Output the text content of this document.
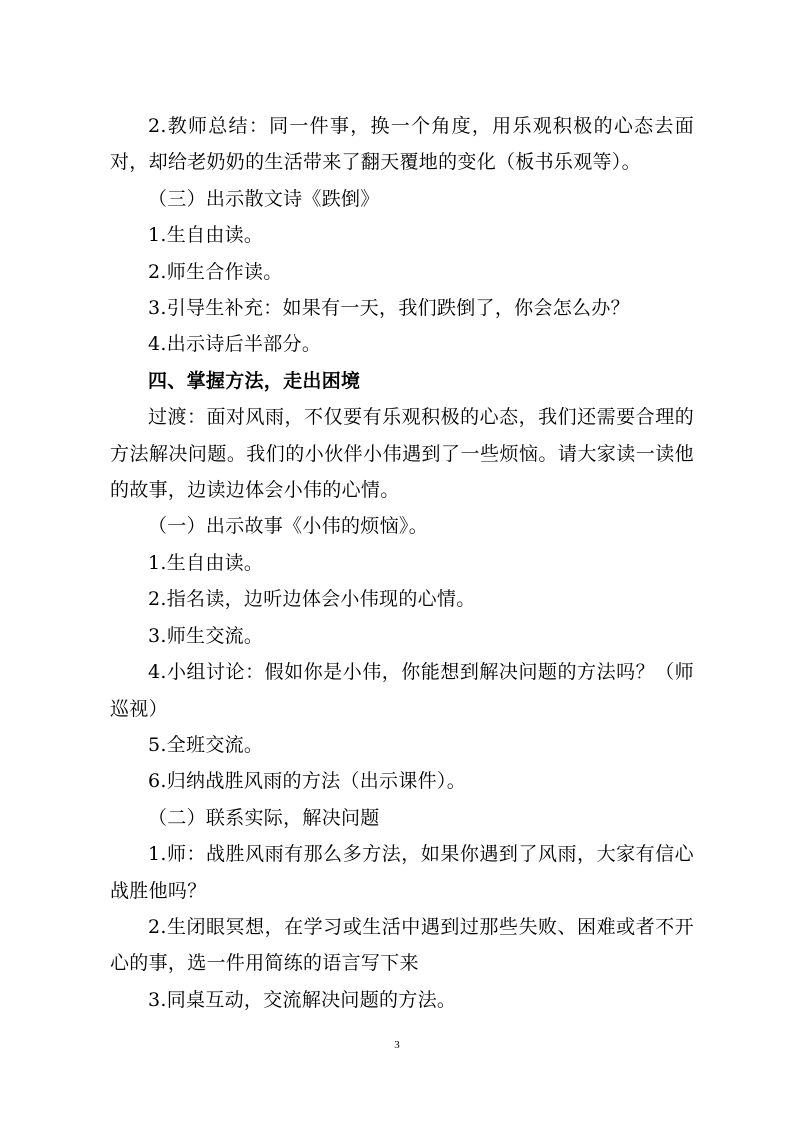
2.教师总结：同一件事，换一个角度，用乐观积极的心态去面对，却给老奶奶的生活带来了翻天覆地的变化（板书乐观等）。

（三）出示散文诗《跌倒》

1.生自由读。

2.师生合作读。

3.引导生补充：如果有一天，我们跌倒了，你会怎么办？

4.出示诗后半部分。

四、掌握方法，走出困境

过渡：面对风雨，不仅要有乐观积极的心态，我们还需要合理的方法解决问题。我们的小伙伴小伟遇到了一些烦恼。请大家读一读他的故事，边读边体会小伟的心情。

（一）出示故事《小伟的烦恼》。

1.生自由读。

2.指名读，边听边体会小伟现的心情。

3.师生交流。

4.小组讨论：假如你是小伟，你能想到解决问题的方法吗？（师巡视）

5.全班交流。

6.归纳战胜风雨的方法（出示课件）。

（二）联系实际，解决问题

1.师：战胜风雨有那么多方法，如果你遇到了风雨，大家有信心战胜他吗？

2.生闭眼冥想，在学习或生活中遇到过那些失败、困难或者不开心的事，选一件用简练的语言写下来

3.同桌互动，交流解决问题的方法。

3
